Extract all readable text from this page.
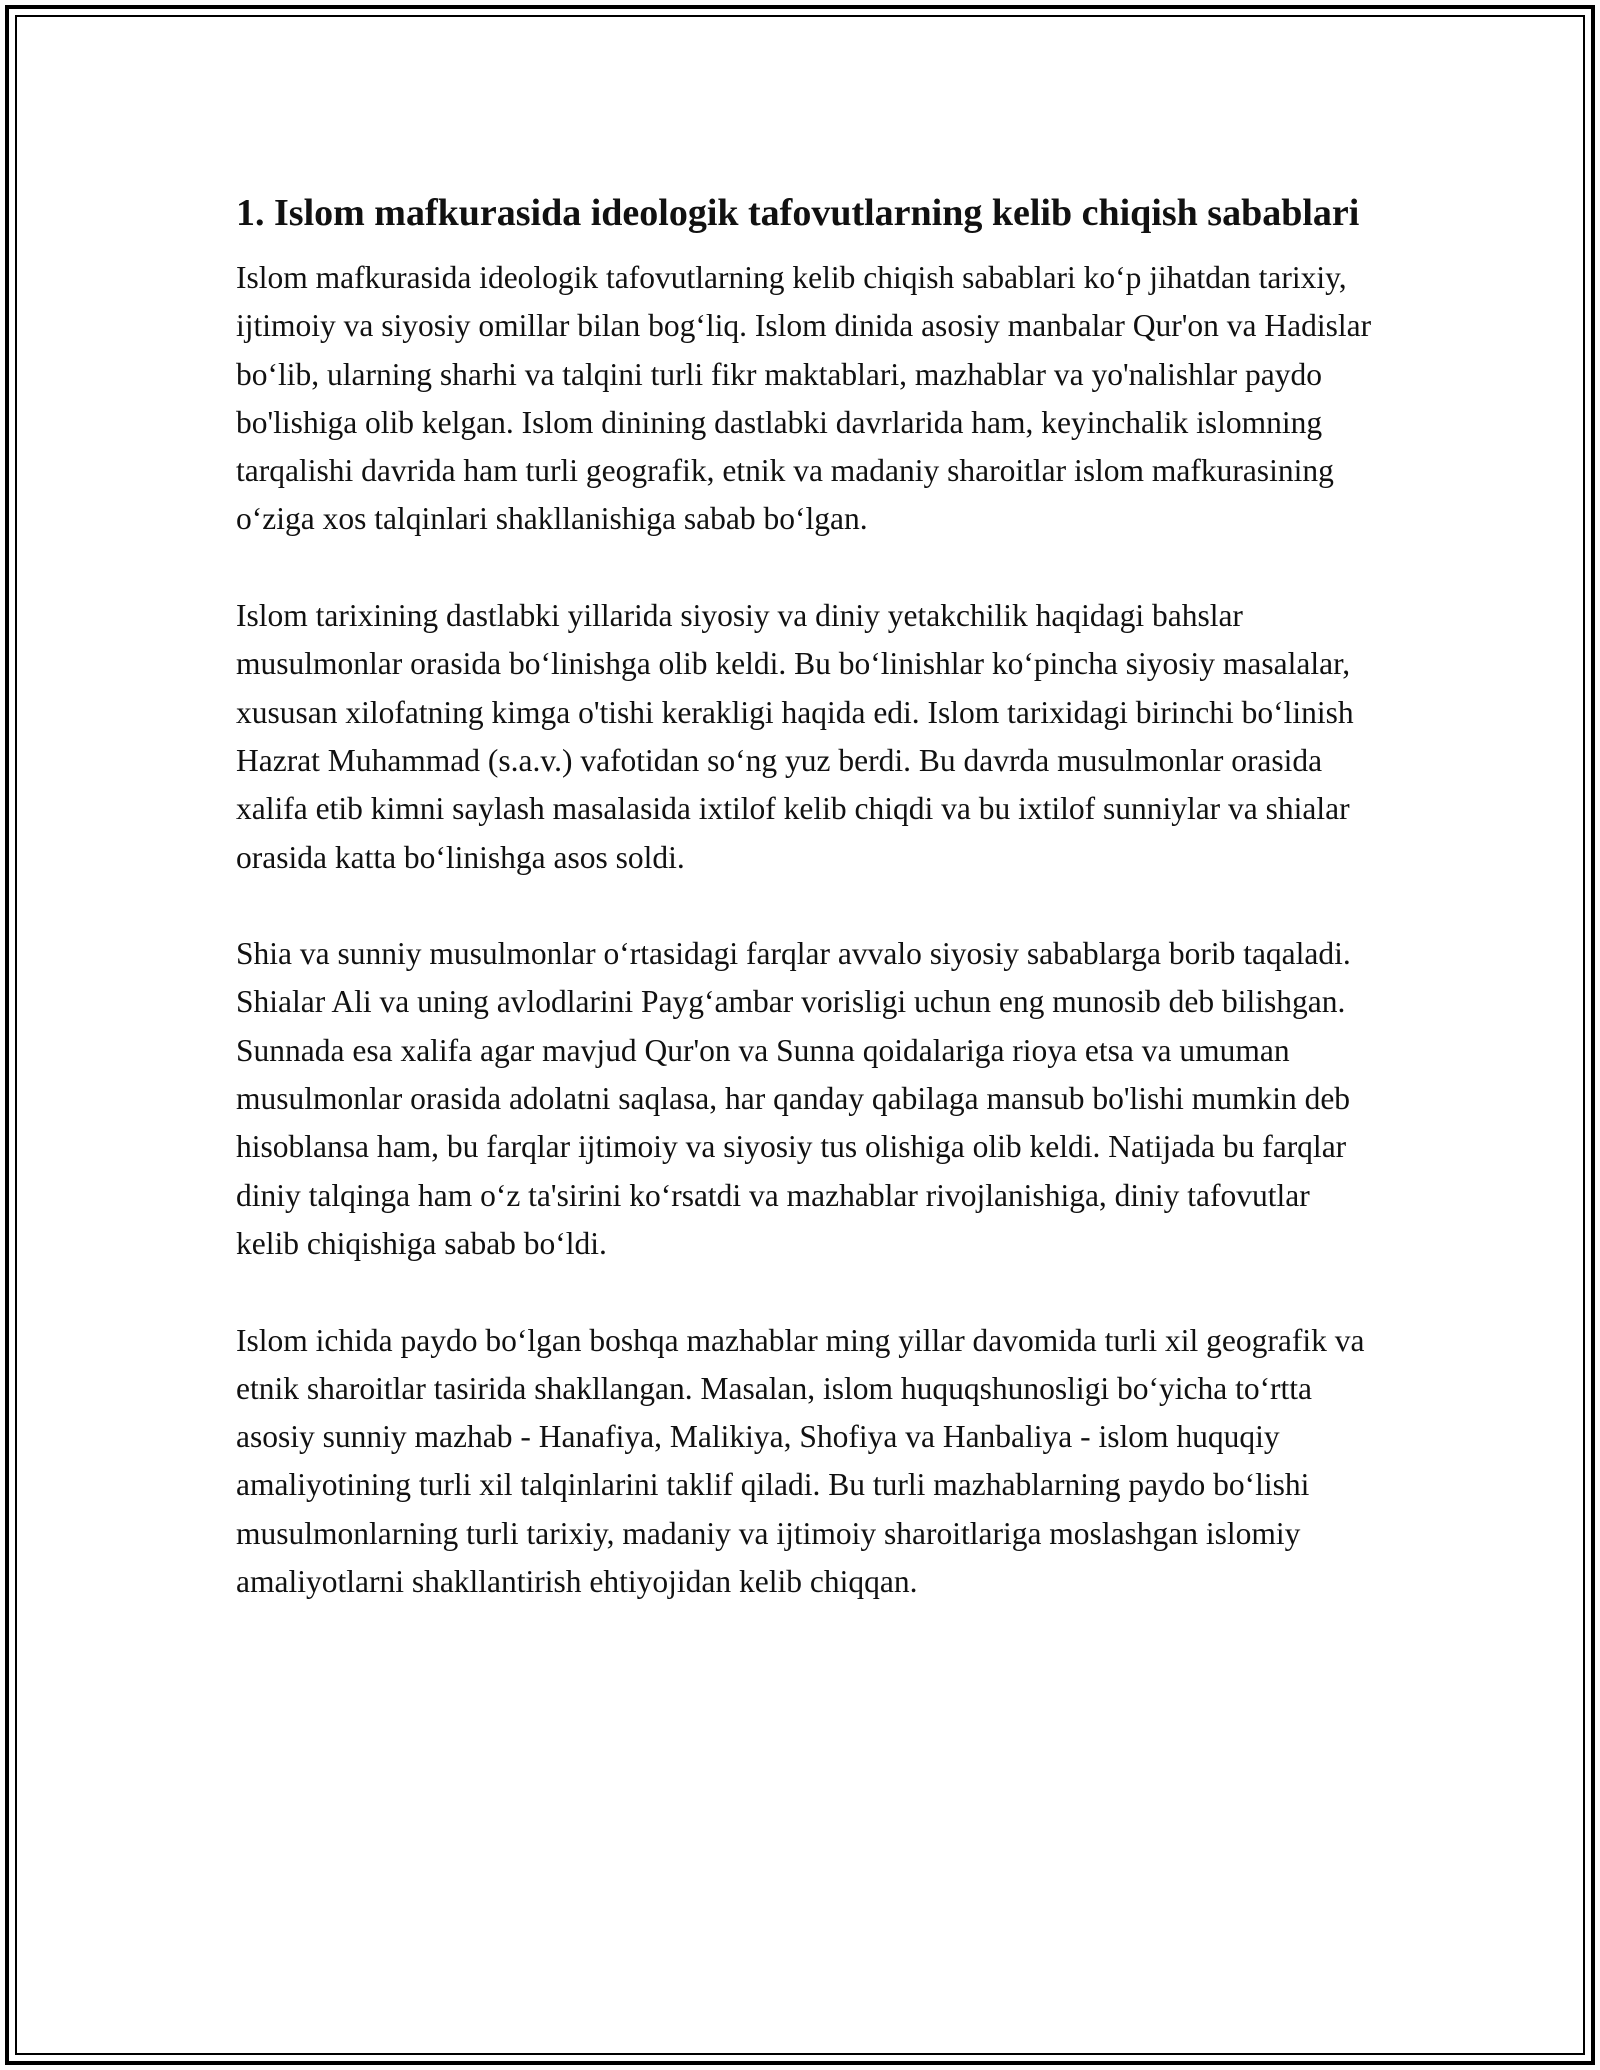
1. Islom mafkurasida ideologik tafovutlarning kelib chiqish sabablari

Islom mafkurasida ideologik tafovutlarning kelib chiqish sabablari koʻp jihatdan tarixiy, ijtimoiy va siyosiy omillar bilan bogʻliq. Islom dinida asosiy manbalar Qur'on va Hadislar boʻlib, ularning sharhi va talqini turli fikr maktablari, mazhablar va yo'nalishlar paydo bo'lishiga olib kelgan. Islom dinining dastlabki davrlarida ham, keyinchalik islomning tarqalishi davrida ham turli geografik, etnik va madaniy sharoitlar islom mafkurasining oʻziga xos talqinlari shakllanishiga sabab boʻlgan.

Islom tarixining dastlabki yillarida siyosiy va diniy yetakchilik haqidagi bahslar musulmonlar orasida boʻlinishga olib keldi. Bu boʻlinishlar koʻpincha siyosiy masalalar, xususan xilofatning kimga o'tishi kerakligi haqida edi. Islom tarixidagi birinchi boʻlinish Hazrat Muhammad (s.a.v.) vafotidan soʻng yuz berdi. Bu davrda musulmonlar orasida xalifa etib kimni saylash masalasida ixtilof kelib chiqdi va bu ixtilof sunniylar va shialar orasida katta boʻlinishga asos soldi.

Shia va sunniy musulmonlar oʻrtasidagi farqlar avvalo siyosiy sabablarga borib taqaladi. Shialar Ali va uning avlodlarini Paygʻambar vorisligi uchun eng munosib deb bilishgan. Sunnada esa xalifa agar mavjud Qur'on va Sunna qoidalariga rioya etsa va umuman musulmonlar orasida adolatni saqlasa, har qanday qabilaga mansub bo'lishi mumkin deb hisoblansa ham, bu farqlar ijtimoiy va siyosiy tus olishiga olib keldi. Natijada bu farqlar diniy talqinga ham oʻz ta'sirini koʻrsatdi va mazhablar rivojlanishiga, diniy tafovutlar kelib chiqishiga sabab boʻldi.

Islom ichida paydo boʻlgan boshqa mazhablar ming yillar davomida turli xil geografik va etnik sharoitlar tasirida shakllangan. Masalan, islom huquqshunosligi boʻyicha toʻrtta asosiy sunniy mazhab - Hanafiya, Malikiya, Shofiya va Hanbaliya - islom huquqiy amaliyotining turli xil talqinlarini taklif qiladi. Bu turli mazhablarning paydo boʻlishi musulmonlarning turli tarixiy, madaniy va ijtimoiy sharoitlariga moslashgan islomiy amaliyotlarni shakllantirish ehtiyojidan kelib chiqqan.
